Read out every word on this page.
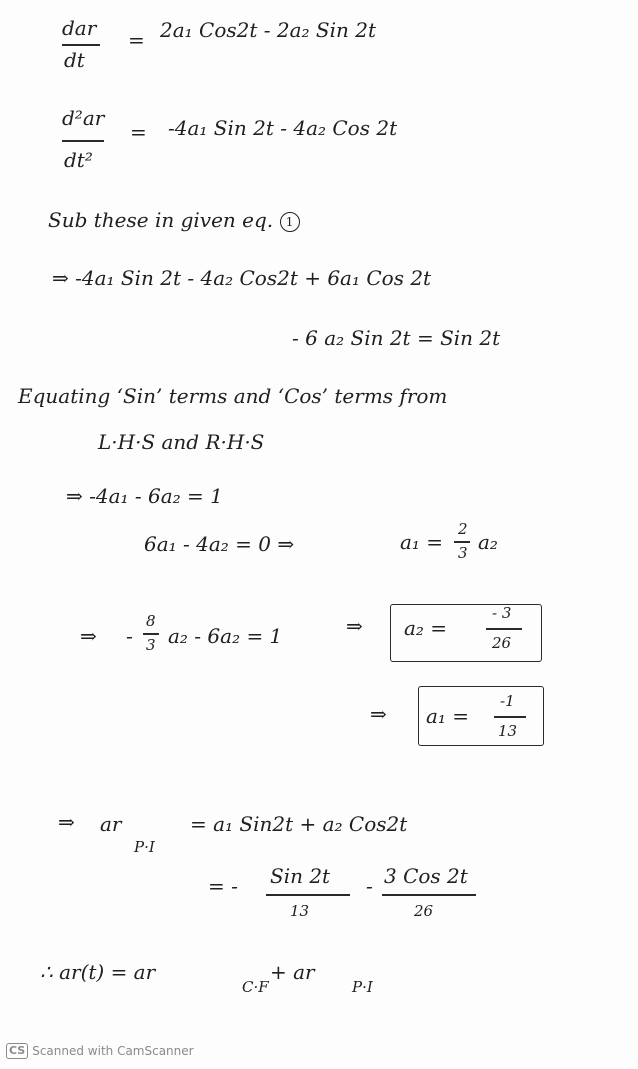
dar
dt
= 2a₁ Cos2t - 2a₂ Sin 2t
d²ar
dt²
= -4a₁ Sin 2t - 4a₂ Cos 2t
Sub these in given eq. 1
⇒ -4a₁ Sin 2t - 4a₂ Cos2t + 6a₁ Cos 2t
- 6 a₂ Sin 2t = Sin 2t
Equating ‘Sin’ terms and ‘Cos’ terms from
L·H·S and R·H·S
⇒ -4a₁ - 6a₂ = 1
6a₁ - 4a₂ = 0 ⇒	a₁ =
2
3 a₂
⇒ -
8
3 a₂ - 6a₂ = 1	⇒ a₂ =
- 3
26
⇒ a₁ =
-1
13
⇒ ar
P·I
= a₁ Sin2t + a₂ Cos2t
= - Sin 2t
13
- 3 Cos 2t
26
∴ ar(t) = ar
C·F
+ ar
P·I
CS Scanned with CamScanner
